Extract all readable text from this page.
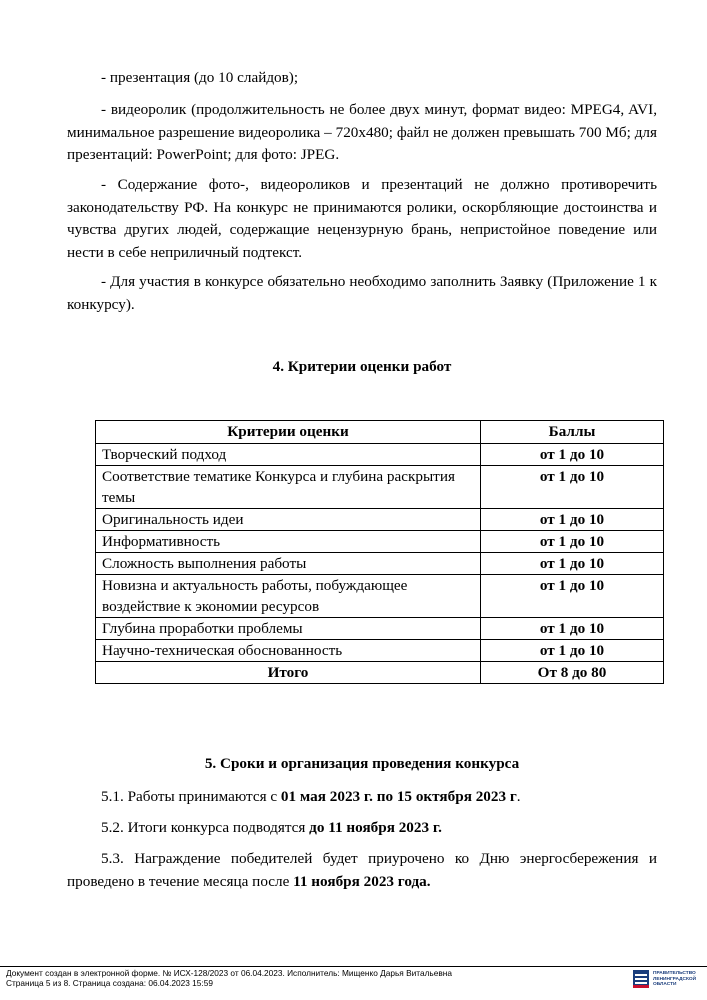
- презентация (до 10 слайдов);

- видеоролик (продолжительность не более двух минут, формат видео: MPEG4, AVI, минимальное разрешение видеоролика – 720х480; файл не должен превышать 700 Мб; для презентаций: PowerPoint; для фото: JPEG.

- Содержание фото-, видеороликов и презентаций не должно противоречить законодательству РФ. На конкурс не принимаются ролики, оскорбляющие достоинства и чувства других людей, содержащие нецензурную брань, непристойное поведение или нести в себе неприличный подтекст.

- Для участия в конкурсе обязательно необходимо заполнить Заявку (Приложение 1 к конкурсу).

4. Критерии оценки работ

Критерии оценки	Баллы
Творческий подход	от 1 до 10
Соответствие тематике Конкурса и глубина раскрытия темы	от 1 до 10
Оригинальность идеи	от 1 до 10
Информативность	от 1 до 10
Сложность выполнения работы	от 1 до 10
Новизна и актуальность работы, побуждающее воздействие к экономии ресурсов	от 1 до 10
Глубина проработки проблемы	от 1 до 10
Научно-техническая обоснованность	от 1 до 10
Итого	От 8 до 80

5. Сроки и организация проведения конкурса

5.1. Работы принимаются с 01 мая 2023 г. по 15 октября 2023 г.

5.2. Итоги конкурса подводятся до 11 ноября 2023 г.

5.3. Награждение победителей будет приурочено ко Дню энергосбережения и проведено в течение месяца после 11 ноября 2023 года.

Документ создан в электронной форме. № ИСХ-128/2023 от 06.04.2023. Исполнитель: Мищенко Дарья Витальевна
Страница 5 из 8. Страница создана: 06.04.2023 15:59
ПРАВИТЕЛЬСТВО
ЛЕНИНГРАДСКОЙ
ОБЛАСТИ
